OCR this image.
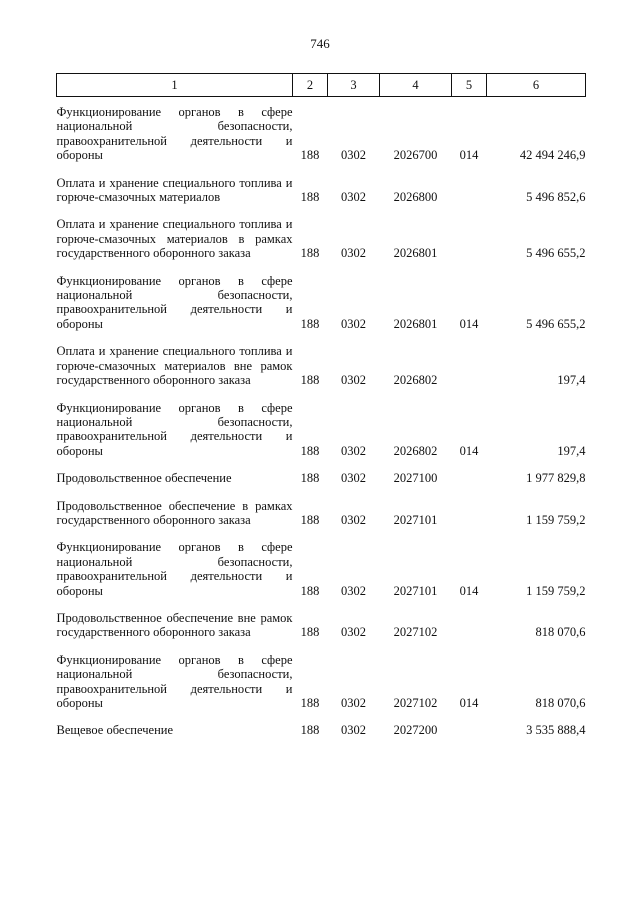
746
1	2	3	4	5	6
Функционирование органов в сфере национальной безопасности, правоохранительной деятельности и обороны	188	0302	2026700	014	42 494 246,9
Оплата и хранение специального топлива и горюче-смазочных материалов	188	0302	2026800		5 496 852,6
Оплата и хранение специального топлива и горюче-смазочных материалов в рамках государственного оборонного заказа	188	0302	2026801		5 496 655,2
Функционирование органов в сфере национальной безопасности, правоохранительной деятельности и обороны	188	0302	2026801	014	5 496 655,2
Оплата и хранение специального топлива и горюче-смазочных материалов вне рамок государственного оборонного заказа	188	0302	2026802		197,4
Функционирование органов в сфере национальной безопасности, правоохранительной деятельности и обороны	188	0302	2026802	014	197,4
Продовольственное обеспечение	188	0302	2027100		1 977 829,8
Продовольственное обеспечение в рамках государственного оборонного заказа	188	0302	2027101		1 159 759,2
Функционирование органов в сфере национальной безопасности, правоохранительной деятельности и обороны	188	0302	2027101	014	1 159 759,2
Продовольственное обеспечение вне рамок государственного оборонного заказа	188	0302	2027102		818 070,6
Функционирование органов в сфере национальной безопасности, правоохранительной деятельности и обороны	188	0302	2027102	014	818 070,6
Вещевое обеспечение	188	0302	2027200		3 535 888,4
